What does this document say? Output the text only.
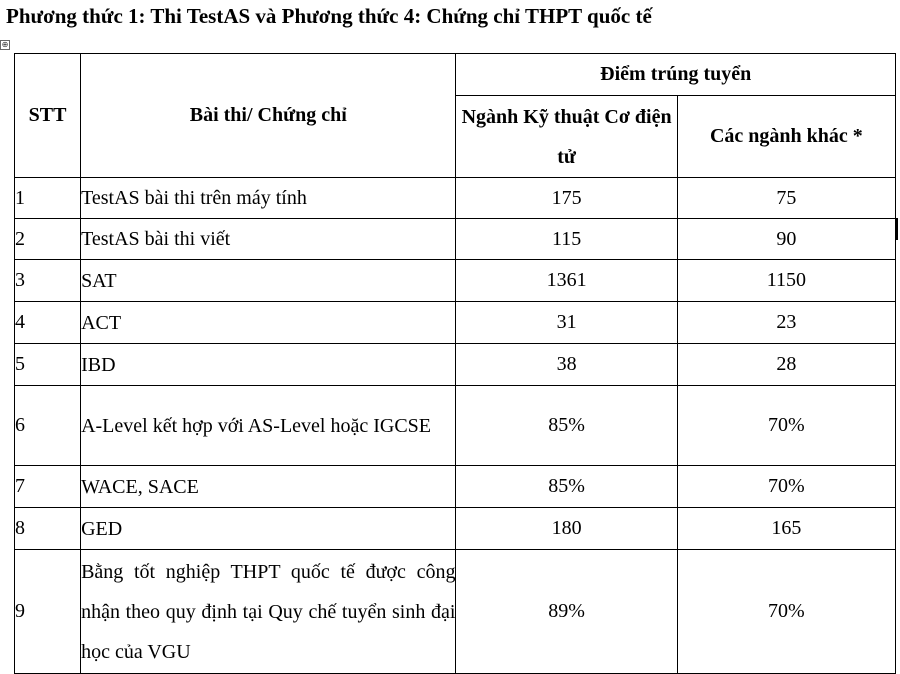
Phương thức 1: Thi TestAS và Phương thức 4: Chứng chỉ THPT quốc tế
⊕
STT	Bài thi/ Chứng chỉ	Điểm trúng tuyển	
		Ngành Kỹ thuật Cơ điện tử	Các ngành khác *
1	TestAS bài thi trên máy tính	175	75
2	TestAS bài thi viết	115	90
3	SAT	1361	1150
4	ACT	31	23
5	IBD	38	28
6	A-Level kết hợp với AS-Level hoặc IGCSE	85%	70%
7	WACE, SACE	85%	70%
8	GED	180	165
9	Bằng tốt nghiệp THPT quốc tế được công nhận theo quy định tại Quy chế tuyển sinh đại học của VGU	89%	70%
